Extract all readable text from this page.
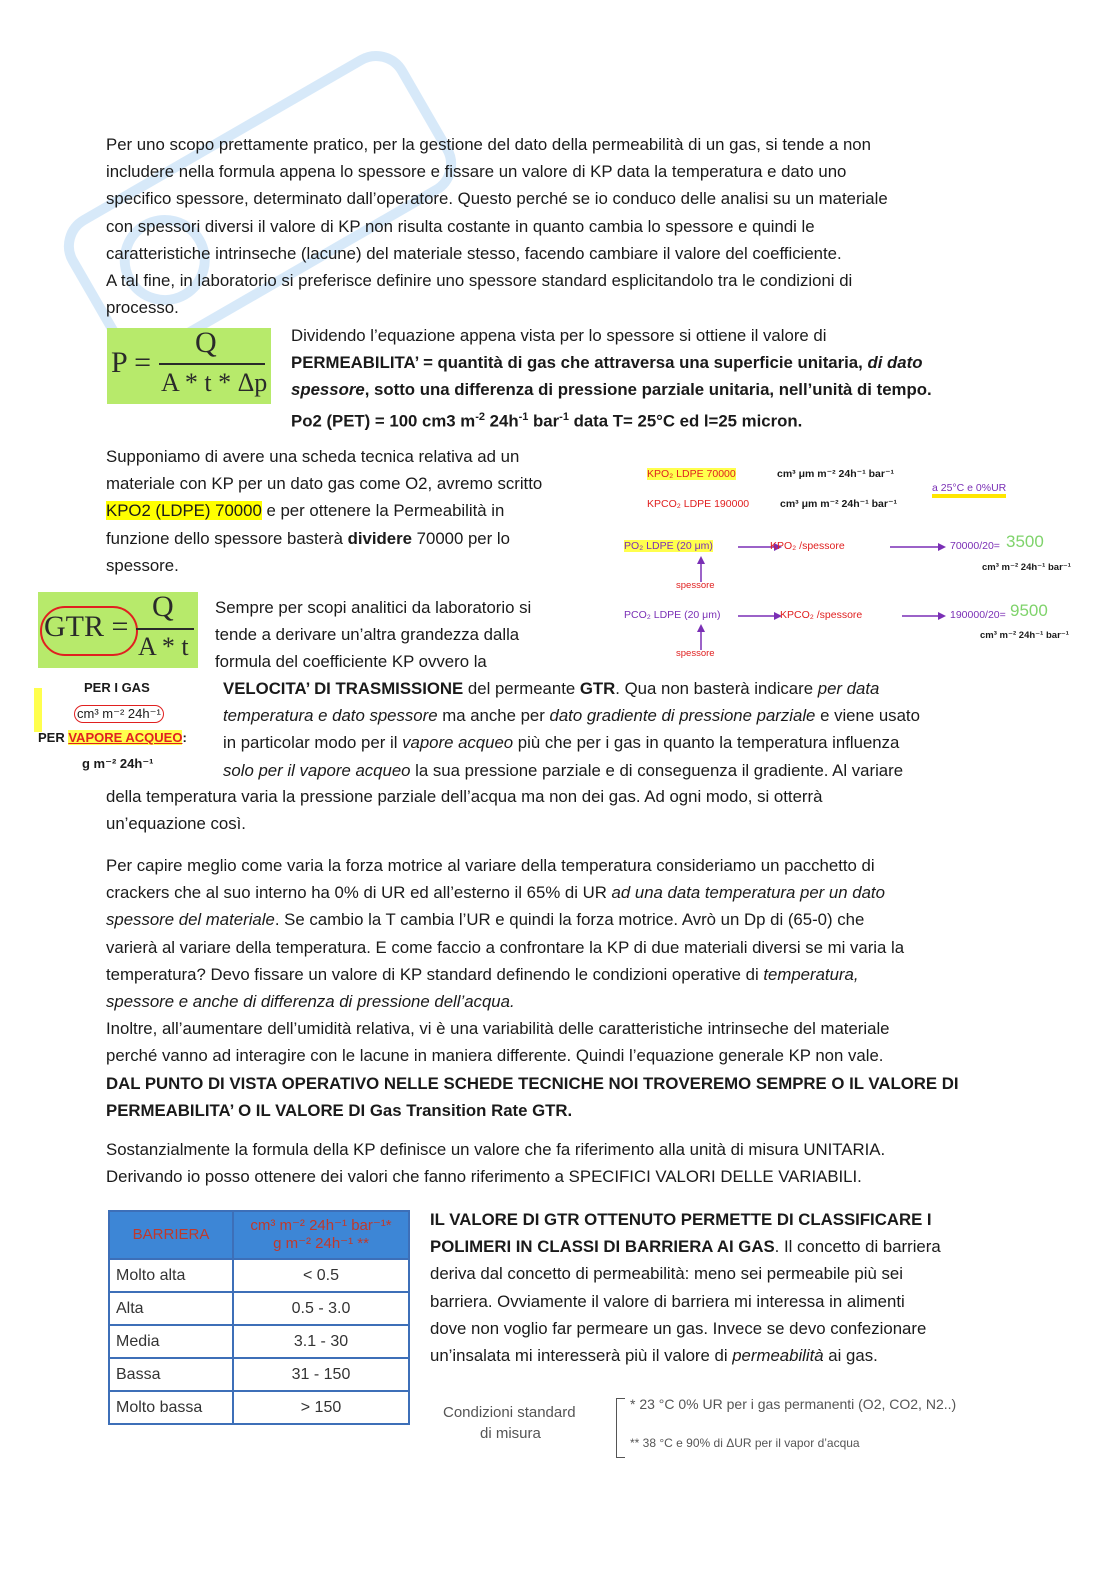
Per uno scopo prettamente pratico, per la gestione del dato della permeabilità di un gas, si tende a non

includere nella formula appena lo spessore e fissare un valore di KP data la temperatura e dato uno

specifico spessore, determinato dall’operatore. Questo perché se io conduco delle analisi su un materiale

con spessori diversi il valore di KP non risulta costante in quanto cambia lo spessore e quindi le

caratteristiche intrinseche (lacune) del materiale stesso, facendo cambiare il valore del coefficiente.

A tal fine, in laboratorio si preferisce definire uno spessore standard esplicitandolo tra le condizioni di

processo.

P =
Q
A * t * Δp

Dividendo l’equazione appena vista per lo spessore si ottiene il valore di

PERMEABILITA’ = quantità di gas che attraversa una superficie unitaria, di dato

spessore, sotto una differenza di pressione parziale unitaria, nell’unità di tempo.

Po2 (PET) = 100 cm3 $m^{-2}$ $24h^{-1}$ bar$^{-1}$ data T= 25°C ed l=25 micron.

Supponiamo di avere una scheda tecnica relativa ad un

materiale con KP per un dato gas come O2, avremo scritto

KPO2 (LDPE) 70000 e per ottenere la Permeabilità in

funzione dello spessore basterà dividere 70000 per lo

spessore.

KPO₂ LDPE 70000
KPCO₂ LDPE 190000
cm³ μm m⁻² 24h⁻¹ bar⁻¹
cm³ μm m⁻² 24h⁻¹ bar⁻¹
a 25°C e 0%UR
PO₂ LDPE (20 μm)	KPO₂ /spessore	70000/20= 3500
cm³ m⁻² 24h⁻¹ bar⁻¹
spessore
PCO₂ LDPE (20 μm)	KPCO₂ /spessore	190000/20= 9500
cm³ m⁻² 24h⁻¹ bar⁻¹
spessore
GTR =
Q
A * t
PER I GAS
cm³ m⁻² 24h⁻¹
PER VAPORE ACQUEO:
g m⁻² 24h⁻¹

Sempre per scopi analitici da laboratorio si

tende a derivare un’altra grandezza dalla

formula del coefficiente KP ovvero la

VELOCITA’ DI TRASMISSIONE del permeante GTR. Qua non basterà indicare per data

temperatura e dato spessore ma anche per dato gradiente di pressione parziale e viene usato

in particolar modo per il vapore acqueo più che per i gas in quanto la temperatura influenza

solo per il vapore acqueo la sua pressione parziale e di conseguenza il gradiente. Al variare

della temperatura varia la pressione parziale dell’acqua ma non dei gas. Ad ogni modo, si otterrà

un’equazione così.

Per capire meglio come varia la forza motrice al variare della temperatura consideriamo un pacchetto di

crackers che al suo interno ha 0% di UR ed all’esterno il 65% di UR ad una data temperatura per un dato

spessore del materiale. Se cambio la T cambia l’UR e quindi la forza motrice. Avrò un Dp di (65-0) che

varierà al variare della temperatura. E come faccio a confrontare la KP di due materiali diversi se mi varia la

temperatura? Devo fissare un valore di KP standard definendo le condizioni operative di temperatura,

spessore e anche di differenza di pressione dell’acqua.

Inoltre, all’aumentare dell’umidità relativa, vi è una variabilità delle caratteristiche intrinseche del materiale

perché vanno ad interagire con le lacune in maniera differente. Quindi l’equazione generale KP non vale.

DAL PUNTO DI VISTA OPERATIVO NELLE SCHEDE TECNICHE NOI TROVEREMO SEMPRE O IL VALORE DI

PERMEABILITA’ O IL VALORE DI Gas Transition Rate GTR.

Sostanzialmente la formula della KP definisce un valore che fa riferimento alla unità di misura UNITARIA.

Derivando io posso ottenere dei valori che fanno riferimento a SPECIFICI VALORI DELLE VARIABILI.

BARRIERA	cm³ m⁻² 24h⁻¹ bar⁻¹*
g m⁻² 24h⁻¹ **
Molto alta	< 0.5
Alta	0.5 - 3.0
Media	3.1 - 30
Bassa	31 - 150
Molto bassa	> 150

IL VALORE DI GTR OTTENUTO PERMETTE DI CLASSIFICARE I

POLIMERI IN CLASSI DI BARRIERA AI GAS. Il concetto di barriera

deriva dal concetto di permeabilità: meno sei permeabile più sei

barriera. Ovviamente il valore di barriera mi interessa in alimenti

dove non voglio far permeare un gas. Invece se devo confezionare

un’insalata mi interesserà più il valore di permeabilità ai gas.

Condizioni standard
di misura
* 23 °C 0% UR per i gas permanenti (O2, CO2, N2..)
** 38 °C e 90% di ΔUR per il vapor d’acqua
